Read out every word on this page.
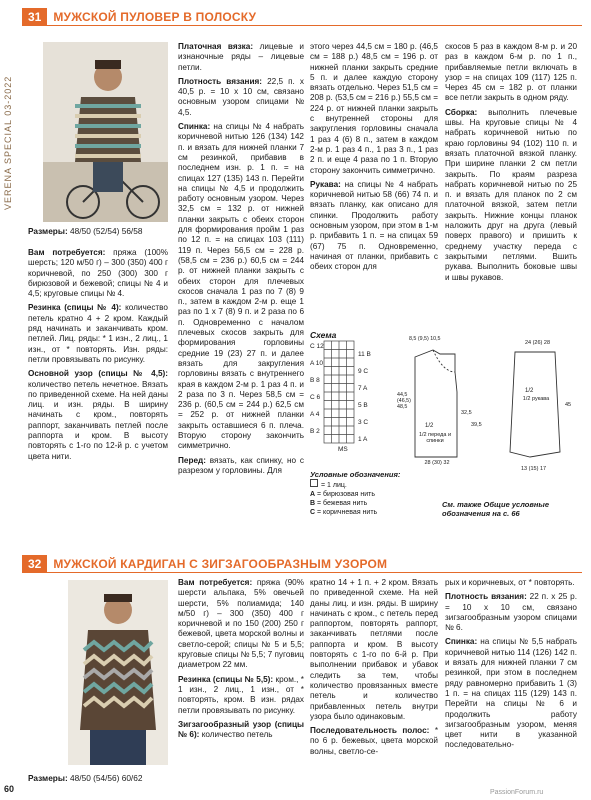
VERENA SPECIAL 03-2022
31	МУЖСКОЙ ПУЛОВЕР В ПОЛОСКУ
Размеры: 48/50 (52/54) 56/58

Вам потребуется: пряжа (100% шерсть; 120 м/50 г) – 300 (350) 400 г коричневой, по 250 (300) 300 г бирюзовой и бежевой; спицы № 4 и 4,5; круговые спицы № 4.

Резинка (спицы № 4): количество петель кратно 4 + 2 кром. Каждый ряд начинать и заканчивать кром. петлей. Лиц. ряды: * 1 изн., 2 лиц., 1 изн., от * повторять. Изн. ряды: петли провязывать по рисунку.

Основной узор (спицы № 4,5): количество петель нечетное. Вязать по приведенной схеме. На ней даны лиц. и изн. ряды. В ширину начинать с кром., повторять раппорт, заканчивать петлей после раппорта и кром. В высоту повторять с 1-го по 12-й р. с учетом цвета нити.

Платочная вязка: лицевые и изнаночные ряды – лицевые петли.

Плотность вязания: 22,5 п. х 40,5 р. = 10 х 10 см, связано основным узором спицами № 4,5.

Спинка: на спицы № 4 набрать коричневой нитью 126 (134) 142 п. и вязать для нижней планки 7 см резинкой, прибавив в последнем изн. р. 1 п. = на спицах 127 (135) 143 п. Перейти на спицы № 4,5 и продолжить работу основным узором. Через 32,5 см = 132 р. от нижней планки закрыть с обеих сторон для формирования пройм 1 раз по 12 п. = на спицах 103 (111) 119 п. Через 56,5 см = 228 р. (58,5 см = 236 р.) 60,5 см = 244 р. от нижней планки закрыть с обеих сторон для плечевых скосов сначала 1 раз по 7 (8) 9 п., затем в каждом 2-м р. еще 1 раз по 1 х 7 (8) 9 п. и 2 раза по 6 п. Одновременно с началом плечевых скосов закрыть для формирования горловины средние 19 (23) 27 п. и далее вязать для закругления горловины вязать с внутреннего края в каждом 2-м р. 1 раз 4 п. и 2 раза по 3 п. Через 58,5 см = 236 р. (60,5 см = 244 р.) 62,5 см = 252 р. от нижней планки закрыть оставшиеся 6 п. плеча. Вторую сторону закончить симметрично.

Перед: вязать, как спинку, но с разрезом у горловины. Для

этого через 44,5 см = 180 р. (46,5 см = 188 р.) 48,5 см = 196 р. от нижней планки закрыть средние 5 п. и далее каждую сторону вязать отдельно. Через 51,5 см = 208 р. (53,5 см = 216 р.) 55,5 см = 224 р. от нижней планки закрыть с внутренней стороны для закругления горловины сначала 1 раз 4 (6) 8 п., затем в каждом 2-м р. 1 раз 4 п., 1 раз 3 п., 1 раз 2 п. и еще 4 раза по 1 п. Вторую сторону закончить симметрично.

Рукава: на спицы № 4 набрать коричневой нитью 58 (66) 74 п. и вязать планку, как описано для спинки. Продолжить работу основным узором, при этом в 1-м р. прибавить 1 п. = на спицах 59 (67) 75 п. Одновременно, начиная от планки, прибавить с обеих сторон для

скосов 5 раз в каждом 8-м р. и 20 раз в каждом 6-м р. по 1 п., прибавляемые петли включать в узор = на спицах 109 (117) 125 п. Через 45 см = 182 р. от планки все петли закрыть в одном ряду.

Сборка: выполнить плечевые швы. На круговые спицы № 4 набрать коричневой нитью по краю горловины 94 (102) 110 п. и вязать платочной вязкой планку. При ширине планки 2 см петли закрыть. По краям разреза набрать коричневой нитью по 25 п. и вязать для планок по 2 см платочной вязкой, затем петли закрыть. Нижние концы планок наложить друг на друга (левый поверх правого) и пришить к среднему участку переда с закрытыми петлями. Вшить рукава. Выполнить боковые швы и швы рукавов.

Схема
C 12
A 10
B 8
C 6
A 4
B 2
11 B
9 C
7 A
5 B
3 C
1 A
MS
Условные обозначения:
= 1 лиц.
A = бирюзовая нить
B = бежевая нить
C = коричневая нить
См. также Общие условные обозначения на с. 66
1/2
1/2
1/2 переда и спинки
1/2 рукава
28 (30) 32
24 (26) 28
45
32,5
39,5
44,5 (46,5) 48,5
13 (15) 17
8,5 (9,5) 10,5
32	МУЖСКОЙ КАРДИГАН С ЗИГЗАГООБРАЗНЫМ УЗОРОМ
Размеры: 48/50 (54/56) 60/62

Вам потребуется: пряжа (90% шерсти альпака, 5% овечьей шерсти, 5% полиамида; 140 м/50 г) – 300 (350) 400 г коричневой и по 150 (200) 250 г бежевой, цвета морской волны и светло-серой; спицы № 5 и 5,5; круговые спицы № 5,5; 7 пуговиц диаметром 22 мм.

Резинка (спицы № 5,5): кром., * 1 изн., 2 лиц., 1 изн., от * повторять, кром. В изн. рядах петли провязывать по рисунку.

Зигзагообразный узор (спицы № 6): количество петель

кратно 14 + 1 п. + 2 кром. Вязать по приведенной схеме. На ней даны лиц. и изн. ряды. В ширину начинать с кром., с петель перед раппортом, повторять раппорт, заканчивать петлями после раппорта и кром. В высоту повторять с 1-го по 6-й р. При выполнении прибавок и убавок следить за тем, чтобы количество провязанных вместе петель и количество прибавленных петель внутри узора было одинаковым.

Последовательность полос: * по 6 р. бежевых, цвета морской волны, светло-се-

рых и коричневых, от * повторять.

Плотность вязания: 22 п. х 25 р. = 10 х 10 см, связано зигзагообразным узором спицами № 6.

Спинка: на спицы № 5,5 набрать коричневой нитью 114 (126) 142 п. и вязать для нижней планки 7 см резинкой, при этом в последнем ряду равномерно прибавить 1 (3) 1 п. = на спицах 115 (129) 143 п. Перейти на спицы № 6 и продолжить работу зигзагообразным узором, меняя цвет нити в указанной последовательно-

60	PassionForum.ru
